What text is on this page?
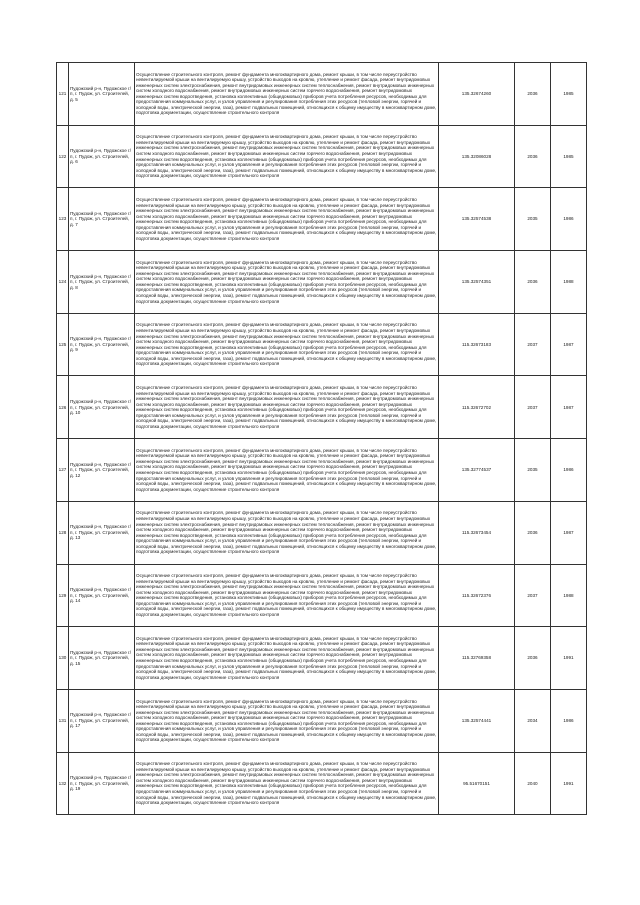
121	Пудожский р-н, Пудожское г/п, г. Пудож, ул. Строителей, д. 5	Осуществление строительного контроля, ремонт фундамента многоквартирного дома, ремонт крыши, в том числе переустройство невентилируемой крыши на вентилируемую крышу, устройство выходов на кровлю, утепление и ремонт фасада, ремонт внутридомовых инженерных систем электроснабжения, ремонт внутридомовых инженерных систем теплоснабжения, ремонт внутридомовых инженерных систем холодного водоснабжения, ремонт внутридомовых инженерных систем горячего водоснабжения, ремонт внутридомовых инженерных систем водоотведения, установка коллективных (общедомовых) приборов учета потребления ресурсов, необходимых для предоставления коммунальных услуг, и узлов управления и регулирования потребления этих ресурсов (тепловой энергии, горячей и холодной воды, электрической энергии, газа), ремонт подвальных помещений, относящихся к общему имуществу в многоквартирном доме, подготовка документации, осуществление строительного контроля	135.32674260	2036	1985
122	Пудожский р-н, Пудожское г/п, г. Пудож, ул. Строителей, д. 6	Осуществление строительного контроля, ремонт фундамента многоквартирного дома, ремонт крыши, в том числе переустройство невентилируемой крыши на вентилируемую крышу, устройство выходов на кровлю, утепление и ремонт фасада, ремонт внутридомовых инженерных систем электроснабжения, ремонт внутридомовых инженерных систем теплоснабжения, ремонт внутридомовых инженерных систем холодного водоснабжения, ремонт внутридомовых инженерных систем горячего водоснабжения, ремонт внутридомовых инженерных систем водоотведения, установка коллективных (общедомовых) приборов учета потребления ресурсов, необходимых для предоставления коммунальных услуг, и узлов управления и регулирования потребления этих ресурсов (тепловой энергии, горячей и холодной воды, электрической энергии, газа), ремонт подвальных помещений, относящихся к общему имуществу в многоквартирном доме, подготовка документации, осуществление строительного контроля	135.32086028	2036	1985
123	Пудожский р-н, Пудожское г/п, г. Пудож, ул. Строителей, д. 7	Осуществление строительного контроля, ремонт фундамента многоквартирного дома, ремонт крыши, в том числе переустройство невентилируемой крыши на вентилируемую крышу, устройство выходов на кровлю, утепление и ремонт фасада, ремонт внутридомовых инженерных систем электроснабжения, ремонт внутридомовых инженерных систем теплоснабжения, ремонт внутридомовых инженерных систем холодного водоснабжения, ремонт внутридомовых инженерных систем горячего водоснабжения, ремонт внутридомовых инженерных систем водоотведения, установка коллективных (общедомовых) приборов учета потребления ресурсов, необходимых для предоставления коммунальных услуг, и узлов управления и регулирования потребления этих ресурсов (тепловой энергии, горячей и холодной воды, электрической энергии, газа), ремонт подвальных помещений, относящихся к общему имуществу в многоквартирном доме, подготовка документации, осуществление строительного контроля	135.32574538	2035	1986
124	Пудожский р-н, Пудожское г/п, г. Пудож, ул. Строителей, д. 8	Осуществление строительного контроля, ремонт фундамента многоквартирного дома, ремонт крыши, в том числе переустройство невентилируемой крыши на вентилируемую крышу, устройство выходов на кровлю, утепление и ремонт фасада, ремонт внутридомовых инженерных систем электроснабжения, ремонт внутридомовых инженерных систем теплоснабжения, ремонт внутридомовых инженерных систем холодного водоснабжения, ремонт внутридомовых инженерных систем горячего водоснабжения, ремонт внутридомовых инженерных систем водоотведения, установка коллективных (общедомовых) приборов учета потребления ресурсов, необходимых для предоставления коммунальных услуг, и узлов управления и регулирования потребления этих ресурсов (тепловой энергии, горячей и холодной воды, электрической энергии, газа), ремонт подвальных помещений, относящихся к общему имуществу в многоквартирном доме, подготовка документации, осуществление строительного контроля	135.32574351	2036	1988
125	Пудожский р-н, Пудожское г/п, г. Пудож, ул. Строителей, д. 9	Осуществление строительного контроля, ремонт фундамента многоквартирного дома, ремонт крыши, в том числе переустройство невентилируемой крыши на вентилируемую крышу, устройство выходов на кровлю, утепление и ремонт фасада, ремонт внутридомовых инженерных систем электроснабжения, ремонт внутридомовых инженерных систем теплоснабжения, ремонт внутридомовых инженерных систем холодного водоснабжения, ремонт внутридомовых инженерных систем горячего водоснабжения, ремонт внутридомовых инженерных систем водоотведения, установка коллективных (общедомовых) приборов учета потребления ресурсов, необходимых для предоставления коммунальных услуг, и узлов управления и регулирования потребления этих ресурсов (тепловой энергии, горячей и холодной воды, электрической энергии, газа), ремонт подвальных помещений, относящихся к общему имуществу в многоквартирном доме, подготовка документации, осуществление строительного контроля	115.32673183	2037	1987
126	Пудожский р-н, Пудожское г/п, г. Пудож, ул. Строителей, д. 10	Осуществление строительного контроля, ремонт фундамента многоквартирного дома, ремонт крыши, в том числе переустройство невентилируемой крыши на вентилируемую крышу, устройство выходов на кровлю, утепление и ремонт фасада, ремонт внутридомовых инженерных систем электроснабжения, ремонт внутридомовых инженерных систем теплоснабжения, ремонт внутридомовых инженерных систем холодного водоснабжения, ремонт внутридомовых инженерных систем горячего водоснабжения, ремонт внутридомовых инженерных систем водоотведения, установка коллективных (общедомовых) приборов учета потребления ресурсов, необходимых для предоставления коммунальных услуг, и узлов управления и регулирования потребления этих ресурсов (тепловой энергии, горячей и холодной воды, электрической энергии, газа), ремонт подвальных помещений, относящихся к общему имуществу в многоквартирном доме, подготовка документации, осуществление строительного контроля	115.32672702	2037	1987
127	Пудожский р-н, Пудожское г/п, г. Пудож, ул. Строителей, д. 12	Осуществление строительного контроля, ремонт фундамента многоквартирного дома, ремонт крыши, в том числе переустройство невентилируемой крыши на вентилируемую крышу, устройство выходов на кровлю, утепление и ремонт фасада, ремонт внутридомовых инженерных систем электроснабжения, ремонт внутридомовых инженерных систем теплоснабжения, ремонт внутридомовых инженерных систем холодного водоснабжения, ремонт внутридомовых инженерных систем горячего водоснабжения, ремонт внутридомовых инженерных систем водоотведения, установка коллективных (общедомовых) приборов учета потребления ресурсов, необходимых для предоставления коммунальных услуг, и узлов управления и регулирования потребления этих ресурсов (тепловой энергии, горячей и холодной воды, электрической энергии, газа), ремонт подвальных помещений, относящихся к общему имуществу в многоквартирном доме, подготовка документации, осуществление строительного контроля	135.32774537	2035	1986
128	Пудожский р-н, Пудожское г/п, г. Пудож, ул. Строителей, д. 13	Осуществление строительного контроля, ремонт фундамента многоквартирного дома, ремонт крыши, в том числе переустройство невентилируемой крыши на вентилируемую крышу, устройство выходов на кровлю, утепление и ремонт фасада, ремонт внутридомовых инженерных систем электроснабжения, ремонт внутридомовых инженерных систем теплоснабжения, ремонт внутридомовых инженерных систем холодного водоснабжения, ремонт внутридомовых инженерных систем горячего водоснабжения, ремонт внутридомовых инженерных систем водоотведения, установка коллективных (общедомовых) приборов учета потребления ресурсов, необходимых для предоставления коммунальных услуг, и узлов управления и регулирования потребления этих ресурсов (тепловой энергии, горячей и холодной воды, электрической энергии, газа), ремонт подвальных помещений, относящихся к общему имуществу в многоквартирном доме, подготовка документации, осуществление строительного контроля	115.32673454	2036	1987
129	Пудожский р-н, Пудожское г/п, г. Пудож, ул. Строителей, д. 14	Осуществление строительного контроля, ремонт фундамента многоквартирного дома, ремонт крыши, в том числе переустройство невентилируемой крыши на вентилируемую крышу, устройство выходов на кровлю, утепление и ремонт фасада, ремонт внутридомовых инженерных систем электроснабжения, ремонт внутридомовых инженерных систем теплоснабжения, ремонт внутридомовых инженерных систем холодного водоснабжения, ремонт внутридомовых инженерных систем горячего водоснабжения, ремонт внутридомовых инженерных систем водоотведения, установка коллективных (общедомовых) приборов учета потребления ресурсов, необходимых для предоставления коммунальных услуг, и узлов управления и регулирования потребления этих ресурсов (тепловой энергии, горячей и холодной воды, электрической энергии, газа), ремонт подвальных помещений, относящихся к общему имуществу в многоквартирном доме, подготовка документации, осуществление строительного контроля	115.32672376	2037	1988
130	Пудожский р-н, Пудожское г/п, г. Пудож, ул. Строителей, д. 15	Осуществление строительного контроля, ремонт фундамента многоквартирного дома, ремонт крыши, в том числе переустройство невентилируемой крыши на вентилируемую крышу, устройство выходов на кровлю, утепление и ремонт фасада, ремонт внутридомовых инженерных систем электроснабжения, ремонт внутридомовых инженерных систем теплоснабжения, ремонт внутридомовых инженерных систем холодного водоснабжения, ремонт внутридомовых инженерных систем горячего водоснабжения, ремонт внутридомовых инженерных систем водоотведения, установка коллективных (общедомовых) приборов учета потребления ресурсов, необходимых для предоставления коммунальных услуг, и узлов управления и регулирования потребления этих ресурсов (тепловой энергии, горячей и холодной воды, электрической энергии, газа), ремонт подвальных помещений, относящихся к общему имуществу в многоквартирном доме, подготовка документации, осуществление строительного контроля	115.32769358	2036	1991
131	Пудожский р-н, Пудожское г/п, г. Пудож, ул. Строителей, д. 17	Осуществление строительного контроля, ремонт фундамента многоквартирного дома, ремонт крыши, в том числе переустройство невентилируемой крыши на вентилируемую крышу, устройство выходов на кровлю, утепление и ремонт фасада, ремонт внутридомовых инженерных систем электроснабжения, ремонт внутридомовых инженерных систем теплоснабжения, ремонт внутридомовых инженерных систем холодного водоснабжения, ремонт внутридомовых инженерных систем горячего водоснабжения, ремонт внутридомовых инженерных систем водоотведения, установка коллективных (общедомовых) приборов учета потребления ресурсов, необходимых для предоставления коммунальных услуг, и узлов управления и регулирования потребления этих ресурсов (тепловой энергии, горячей и холодной воды, электрической энергии, газа), ремонт подвальных помещений, относящихся к общему имуществу в многоквартирном доме, подготовка документации, осуществление строительного контроля	135.32574441	2034	1986
132	Пудожский р-н, Пудожское г/п, г. Пудож, ул. Строителей, д. 19	Осуществление строительного контроля, ремонт фундамента многоквартирного дома, ремонт крыши, в том числе переустройство невентилируемой крыши на вентилируемую крышу, устройство выходов на кровлю, утепление и ремонт фасада, ремонт внутридомовых инженерных систем электроснабжения, ремонт внутридомовых инженерных систем теплоснабжения, ремонт внутридомовых инженерных систем холодного водоснабжения, ремонт внутридомовых инженерных систем горячего водоснабжения, ремонт внутридомовых инженерных систем водоотведения, установка коллективных (общедомовых) приборов учета потребления ресурсов, необходимых для предоставления коммунальных услуг, и узлов управления и регулирования потребления этих ресурсов (тепловой энергии, горячей и холодной воды, электрической энергии, газа), ремонт подвальных помещений, относящихся к общему имуществу в многоквартирном доме, подготовка документации, осуществление строительного контроля	95.51670151	2040	1991
